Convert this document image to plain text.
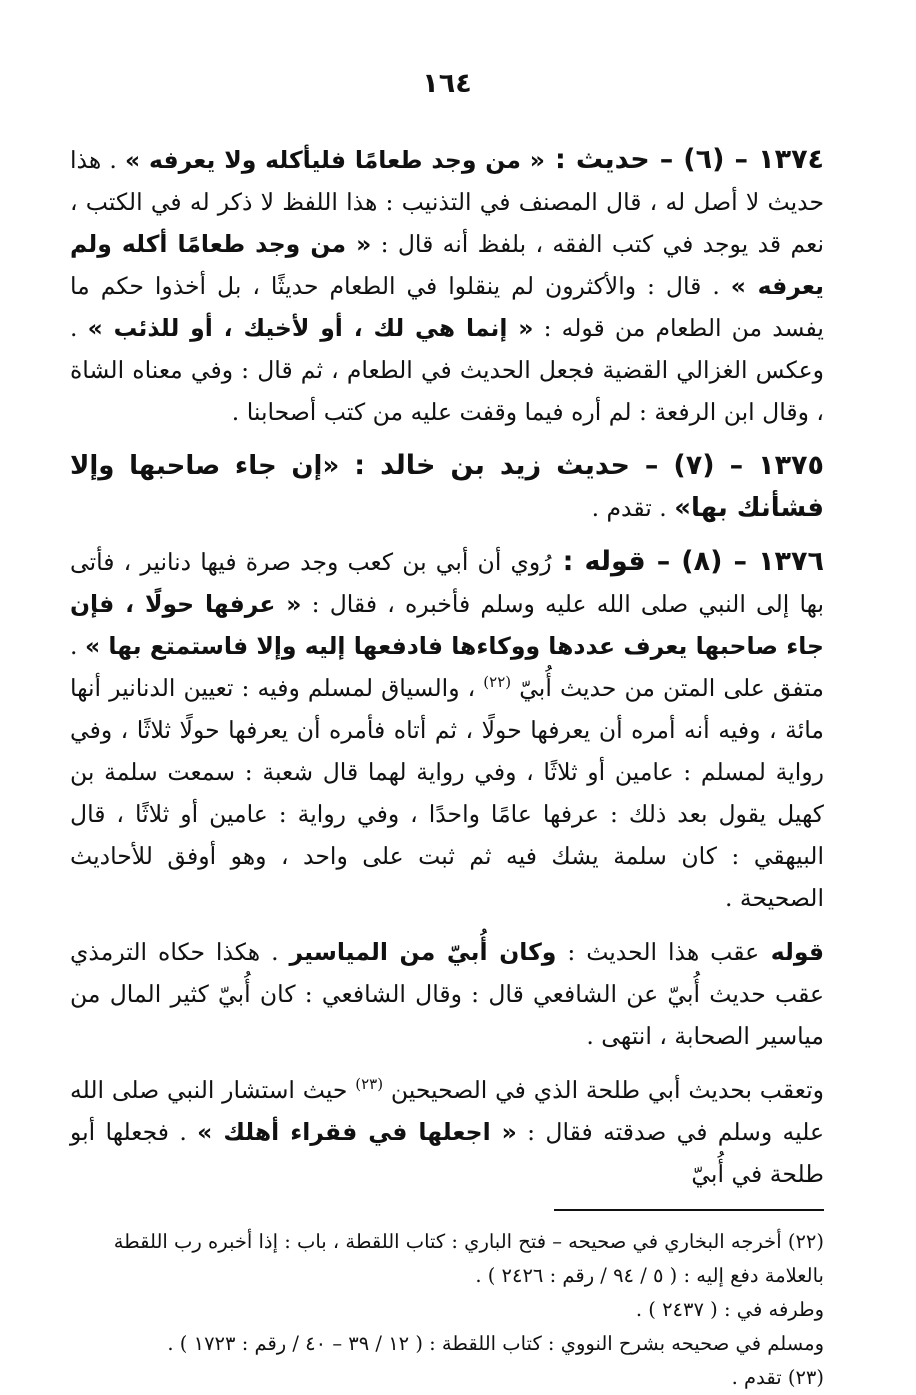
١٦٤

١٣٧٤ – (٦) – حديث : « من وجد طعامًا فليأكله ولا يعرفه » . هذا حديث لا أصل له ، قال المصنف في التذنيب : هذا اللفظ لا ذكر له في الكتب ، نعم قد يوجد في كتب الفقه ، بلفظ أنه قال : « من وجد طعامًا أكله ولم يعرفه » . قال : والأكثرون لم ينقلوا في الطعام حديثًا ، بل أخذوا حكم ما يفسد من الطعام من قوله : « إنما هي لك ، أو لأخيك ، أو للذئب » . وعكس الغزالي القضية فجعل الحديث في الطعام ، ثم قال : وفي معناه الشاة ، وقال ابن الرفعة : لم أره فيما وقفت عليه من كتب أصحابنا .

١٣٧٥ – (٧) – حديث زيد بن خالد : «إن جاء صاحبها وإلا فشأنك بها» . تقدم .

١٣٧٦ – (٨) – قوله : رُوي أن أبي بن كعب وجد صرة فيها دنانير ، فأتى بها إلى النبي صلى الله عليه وسلم فأخبره ، فقال : « عرفها حولًا ، فإن جاء صاحبها يعرف عددها ووكاءها فادفعها إليه وإلا فاستمتع بها » . متفق على المتن من حديث أُبيّ $^{(٢٢)}$ ، والسياق لمسلم وفيه : تعيين الدنانير أنها مائة ، وفيه أنه أمره أن يعرفها حولًا ، ثم أتاه فأمره أن يعرفها حولًا ثلاثًا ، وفي رواية لمسلم : عامين أو ثلاثًا ، وفي رواية لهما قال شعبة : سمعت سلمة بن كهيل يقول بعد ذلك : عرفها عامًا واحدًا ، وفي رواية : عامين أو ثلاثًا ، قال البيهقي : كان سلمة يشك فيه ثم ثبت على واحد ، وهو أوفق للأحاديث الصحيحة .

قوله عقب هذا الحديث : وكان أُبيّ من المياسير . هكذا حكاه الترمذي عقب حديث أُبيّ عن الشافعي قال : وقال الشافعي : كان أُبيّ كثير المال من مياسير الصحابة ، انتهى .

وتعقب بحديث أبي طلحة الذي في الصحيحين $^{(٢٣)}$ حيث استشار النبي صلى الله عليه وسلم في صدقته فقال : « اجعلها في فقراء أهلك » . فجعلها أبو طلحة في أُبيّ

(٢٢) أخرجه البخاري في صحيحه – فتح الباري : كتاب اللقطة ، باب : إذا أخبره رب اللقطة بالعلامة دفع إليه : ( ٥ / ٩٤ / رقم : ٢٤٢٦ ) .

وطرفه في : ( ٢٤٣٧ ) .

ومسلم في صحيحه بشرح النووي : كتاب اللقطة : ( ١٢ / ٣٩ – ٤٠ / رقم : ١٧٢٣ ) .

(٢٣) تقدم .
